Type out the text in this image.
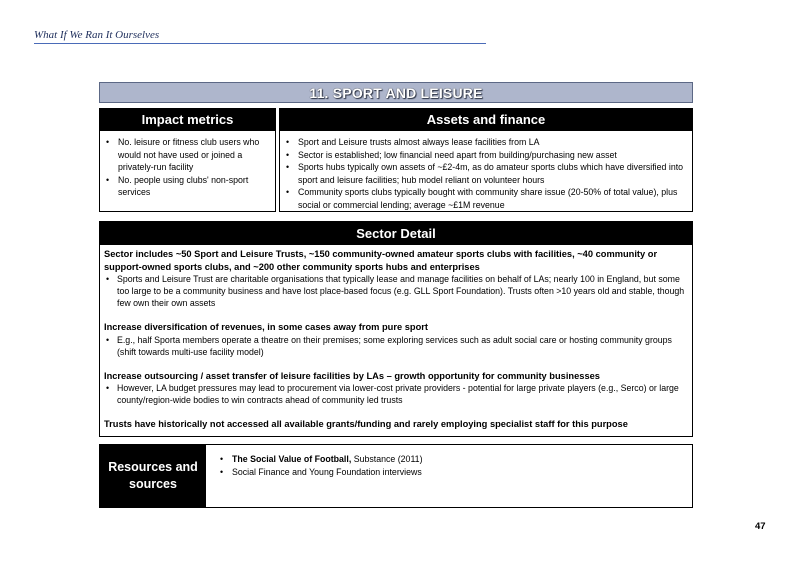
What If We Ran It Ourselves
11. SPORT AND LEISURE
Impact metrics
• No. leisure or fitness club users who would not have used or joined a privately-run facility
• No. people using clubs' non-sport services
Assets and finance
• Sport and Leisure trusts almost always lease facilities from LA
• Sector is established; low financial need apart from building/purchasing new asset
• Sports hubs typically own assets of ~£2-4m, as do amateur sports clubs which have diversified into sport and leisure facilities; hub model reliant on volunteer hours
• Community sports clubs typically bought with community share issue (20-50% of total value), plus social or commercial lending; average ~£1M revenue
Sector Detail
Sector includes ~50 Sport and Leisure Trusts, ~150 community-owned amateur sports clubs with facilities, ~40 community or support-owned sports clubs, and ~200 other community sports hubs and enterprises
• Sports and Leisure Trust are charitable organisations that typically lease and manage facilities on behalf of LAs; nearly 100 in England, but some too large to be a community business and have lost place-based focus (e.g. GLL Sport Foundation). Trusts often >10 years old and stable, though few own their own assets
Increase diversification of revenues, in some cases away from pure sport
• E.g., half Sporta members operate a theatre on their premises; some exploring services such as adult social care or hosting community groups (shift towards multi-use facility model)
Increase outsourcing / asset transfer of leisure facilities by LAs – growth opportunity for community businesses
• However, LA budget pressures may lead to procurement via lower-cost private providers - potential for large private players (e.g., Serco) or large county/region-wide bodies to win contracts ahead of community led trusts
Trusts have historically not accessed all available grants/funding and rarely employing specialist staff for this purpose
Resources and sources
• The Social Value of Football, Substance (2011)
• Social Finance and Young Foundation interviews
47
